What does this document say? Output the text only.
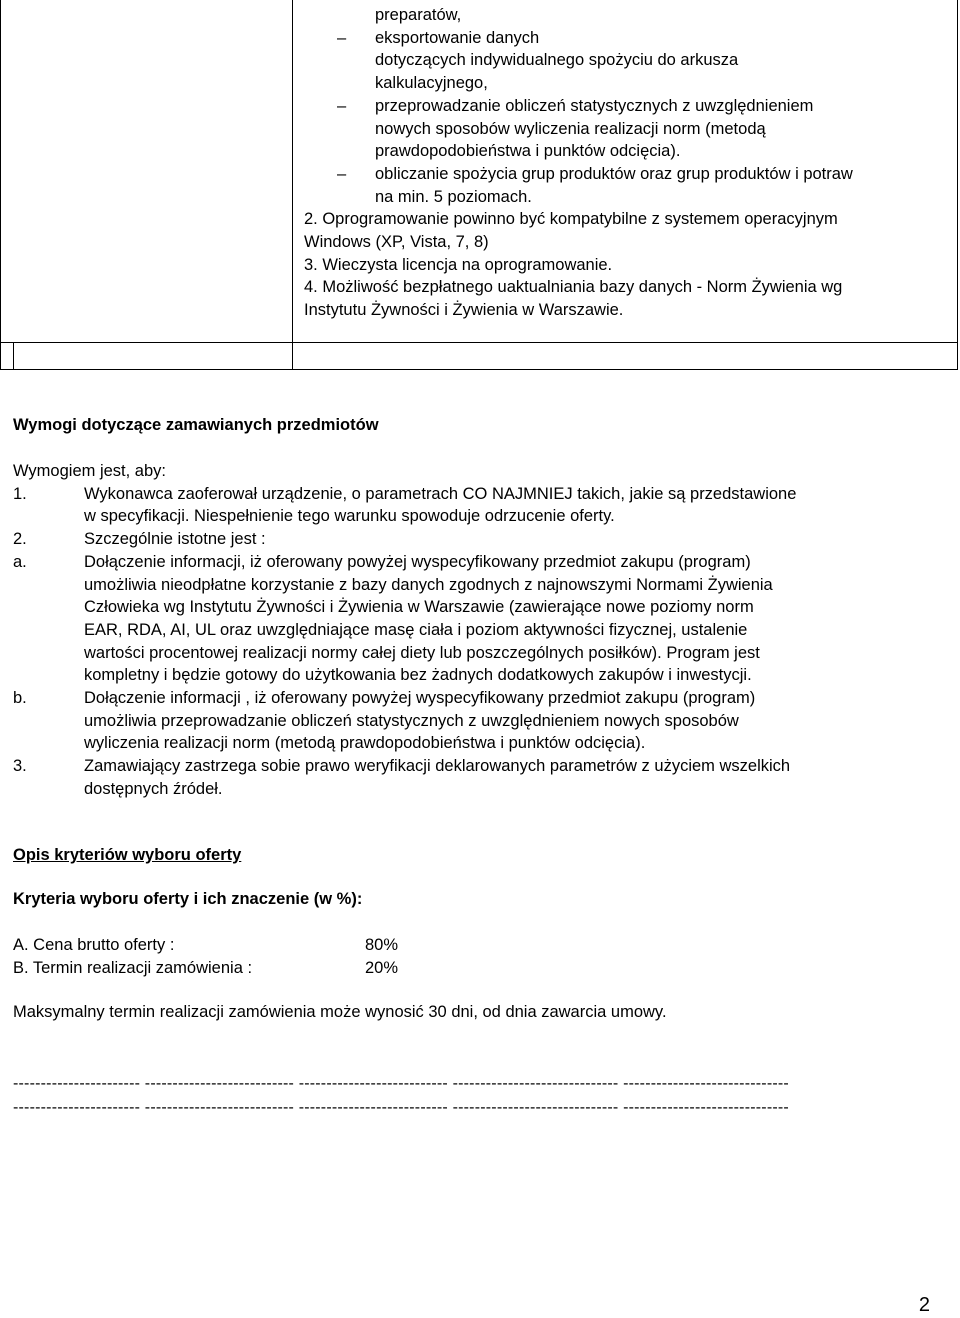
preparatów,
– eksportowanie danych
dotyczących indywidualnego spożyciu do arkusza
kalkulacyjnego,
– przeprowadzanie obliczeń statystycznych z uwzględnieniem
nowych sposobów wyliczenia realizacji norm (metodą
prawdopodobieństwa i punktów odcięcia).
– obliczanie spożycia grup produktów oraz grup produktów i potraw
na min. 5 poziomach.
2. Oprogramowanie powinno być kompatybilne z systemem operacyjnym
Windows (XP, Vista, 7, 8)
3. Wieczysta licencja na oprogramowanie.
4. Możliwość bezpłatnego uaktualniania bazy danych - Norm Żywienia wg
Instytutu Żywności i Żywienia w Warszawie.
Wymogi dotyczące zamawianych przedmiotów
Wymogiem jest, aby:
1.	Wykonawca zaoferował urządzenie, o parametrach CO NAJMNIEJ takich, jakie są przedstawione
w specyfikacji. Niespełnienie tego warunku spowoduje odrzucenie oferty.
2.	Szczególnie istotne jest :
a.	Dołączenie informacji, iż oferowany powyżej wyspecyfikowany przedmiot zakupu (program)
umożliwia nieodpłatne korzystanie z bazy danych zgodnych z najnowszymi Normami Żywienia
Człowieka wg Instytutu Żywności i Żywienia w Warszawie (zawierające nowe poziomy norm
EAR, RDA, AI, UL oraz uwzględniające masę ciała i poziom aktywności fizycznej, ustalenie
wartości procentowej realizacji normy całej diety lub poszczególnych posiłków). Program jest
kompletny i będzie gotowy do użytkowania bez żadnych dodatkowych zakupów i inwestycji.
b.	Dołączenie informacji , iż oferowany powyżej wyspecyfikowany przedmiot zakupu (program)
umożliwia przeprowadzanie obliczeń statystycznych z uwzględnieniem nowych sposobów
wyliczenia realizacji norm (metodą prawdopodobieństwa i punktów odcięcia).
3.	Zamawiający zastrzega sobie prawo weryfikacji deklarowanych parametrów z użyciem wszelkich
dostępnych źródeł.
Opis kryteriów wyboru oferty
Kryteria wyboru oferty i ich znaczenie (w %):
A. Cena brutto oferty :	80%
B. Termin realizacji zamówienia :	20%
Maksymalny termin realizacji zamówienia może wynosić 30 dni, od dnia zawarcia umowy.
----------------------- --------------------------- --------------------------- ------------------------------ ------------------------------
----------------------- --------------------------- --------------------------- ------------------------------ ------------------------------
2
